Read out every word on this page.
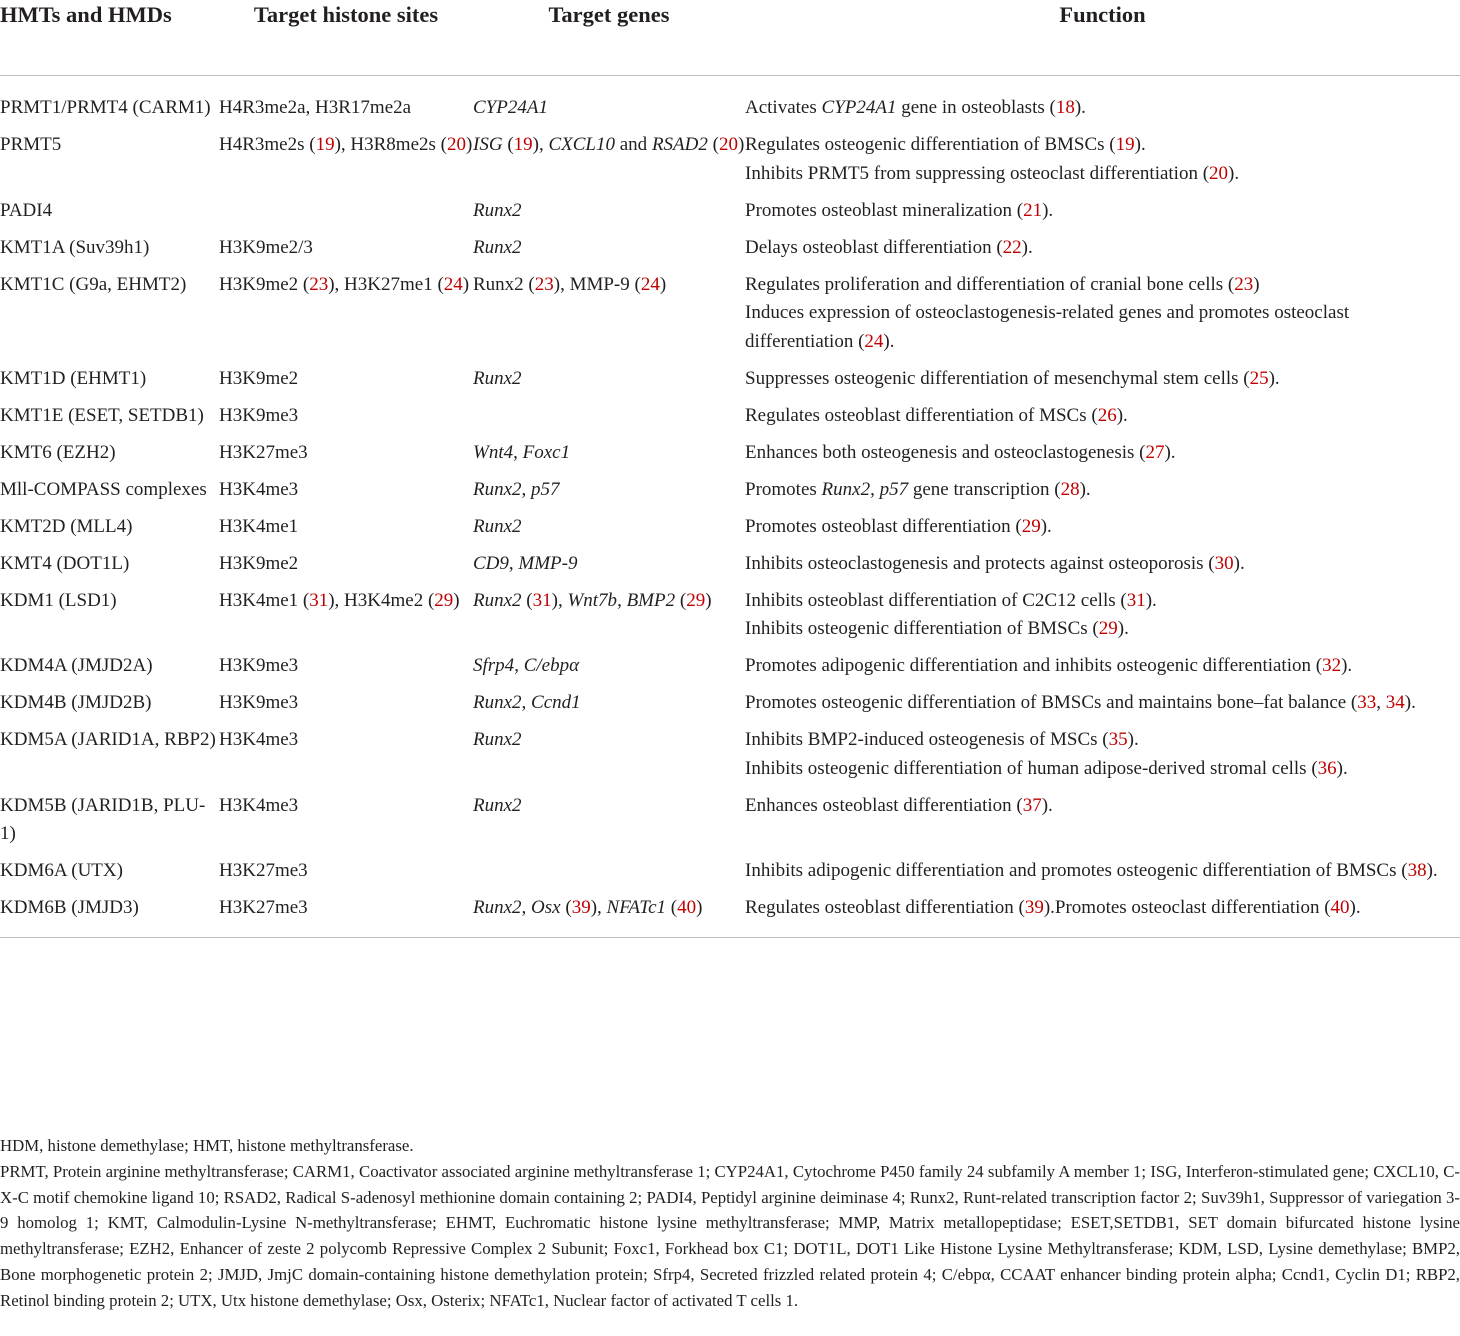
HMTs and HMDs	Target histone sites	Target genes	Function
PRMT1/PRMT4 (CARM1)	H4R3me2a, H3R17me2a	CYP24A1	Activates CYP24A1 gene in osteoblasts (18).

PRMT5	H4R3me2s (19), H3R8me2s (20)	ISG (19), CXCL10 and RSAD2 (20)	Regulates osteogenic differentiation of BMSCs (19).
Inhibits PRMT5 from suppressing osteoclast differentiation (20).

PADI4		Runx2	Promotes osteoblast mineralization (21).

KMT1A (Suv39h1)	H3K9me2/3	Runx2	Delays osteoblast differentiation (22).

KMT1C (G9a, EHMT2)	H3K9me2 (23), H3K27me1 (24)	Runx2 (23), MMP-9 (24)	Regulates proliferation and differentiation of cranial bone cells (23)
Induces expression of osteoclastogenesis-related genes and promotes osteoclast differentiation (24).

KMT1D (EHMT1)	H3K9me2	Runx2	Suppresses osteogenic differentiation of mesenchymal stem cells (25).

KMT1E (ESET, SETDB1)	H3K9me3		Regulates osteoblast differentiation of MSCs (26).

KMT6 (EZH2)	H3K27me3	Wnt4, Foxc1	Enhances both osteogenesis and osteoclastogenesis (27).

Mll-COMPASS complexes	H3K4me3	Runx2, p57	Promotes Runx2, p57 gene transcription (28).

KMT2D (MLL4)	H3K4me1	Runx2	Promotes osteoblast differentiation (29).

KMT4 (DOT1L)	H3K9me2	CD9, MMP-9	Inhibits osteoclastogenesis and protects against osteoporosis (30).

KDM1 (LSD1)	H3K4me1 (31), H3K4me2 (29)	Runx2 (31), Wnt7b, BMP2 (29)	Inhibits osteoblast differentiation of C2C12 cells (31).
Inhibits osteogenic differentiation of BMSCs (29).

KDM4A (JMJD2A)	H3K9me3	Sfrp4, C/ebpα	Promotes adipogenic differentiation and inhibits osteogenic differentiation (32).

KDM4B (JMJD2B)	H3K9me3	Runx2, Ccnd1	Promotes osteogenic differentiation of BMSCs and maintains bone–fat balance (33, 34).

KDM5A (JARID1A, RBP2)	H3K4me3	Runx2	Inhibits BMP2-induced osteogenesis of MSCs (35).
Inhibits osteogenic differentiation of human adipose-derived stromal cells (36).

KDM5B (JARID1B, PLU-1)	H3K4me3	Runx2	Enhances osteoblast differentiation (37).

KDM6A (UTX)	H3K27me3		Inhibits adipogenic differentiation and promotes osteogenic differentiation of BMSCs (38).

KDM6B (JMJD3)	H3K27me3	Runx2, Osx (39), NFATc1 (40)	Regulates osteoblast differentiation (39).Promotes osteoclast differentiation (40).

HDM, histone demethylase; HMT, histone methyltransferase.

PRMT, Protein arginine methyltransferase; CARM1, Coactivator associated arginine methyltransferase 1; CYP24A1, Cytochrome P450 family 24 subfamily A member 1; ISG, Interferon-stimulated gene; CXCL10, C-X-C motif chemokine ligand 10; RSAD2, Radical S-adenosyl methionine domain containing 2; PADI4, Peptidyl arginine deiminase 4; Runx2, Runt-related transcription factor 2; Suv39h1, Suppressor of variegation 3-9 homolog 1; KMT, Calmodulin-Lysine N-methyltransferase; EHMT, Euchromatic histone lysine methyltransferase; MMP, Matrix metallopeptidase; ESET,SETDB1, SET domain bifurcated histone lysine methyltransferase; EZH2, Enhancer of zeste 2 polycomb Repressive Complex 2 Subunit; Foxc1, Forkhead box C1; DOT1L, DOT1 Like Histone Lysine Methyltransferase; KDM, LSD, Lysine demethylase; BMP2, Bone morphogenetic protein 2; JMJD, JmjC domain-containing histone demethylation protein; Sfrp4, Secreted frizzled related protein 4; C/ebpα, CCAAT enhancer binding protein alpha; Ccnd1, Cyclin D1; RBP2, Retinol binding protein 2; UTX, Utx histone demethylase; Osx, Osterix; NFATc1, Nuclear factor of activated T cells 1.
